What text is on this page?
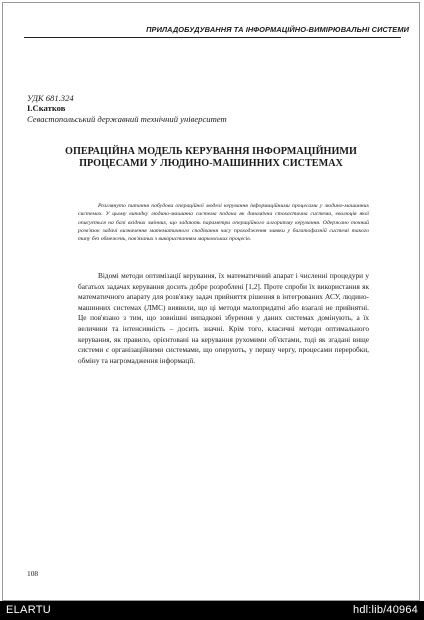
ПРИЛАДОБУДУВАННЯ ТА ІНФОРМАЦІЙНО-ВИМІРЮВАЛЬНІ СИСТЕМИ
УДК 681.324
І.Скатков
Севастопольський державний технічний університет
ОПЕРАЦІЙНА МОДЕЛЬ КЕРУВАННЯ ІНФОРМАЦІЙНИМИ ПРОЦЕСАМИ У ЛЮДИНО-МАШИННИХ СИСТЕМАХ
Розглянуто питання побудови операційної моделі керування інформаційними процесами у людино-машинних системах. У цьому випадку людино-машинна система подана як динамічна стохастична система, еволюція якої описується на базі вхідних змінних, що задають параметри операційного алгоритму керування. Одержано точний розв'язок задачі визначення математичного сподівання часу проходження заявки у багатофазній системі такого типу без обмежень, пов'язаних з використанням марковських процесів.
Відомі методи оптимізації керування, їх математичний апарат і численні процедури у багатьох задачах керування досить добре розроблені [1,2]. Проте спроби їх використання як математичного апарату для розв'язку задач прийняття рішення в інтегрованих АСУ, людино-машинних системах (ЛМС) виявили, що ці методи малопридатні або взагалі не прийнятні. Це пов'язано з тим, що зовнішні випадкові збурення у даних системах домінують, а їх величини та інтенсивність – досить значні. Крім того, класичні методи оптимального керування, як правило, орієнтовані на керування рухомими об'єктами, тоді як згадані вище системи є організаційними системами, що оперують, у першу чергу, процесами переробки, обміну та нагромадження інформації.
108
ELARTU	hdl:lib/40964
